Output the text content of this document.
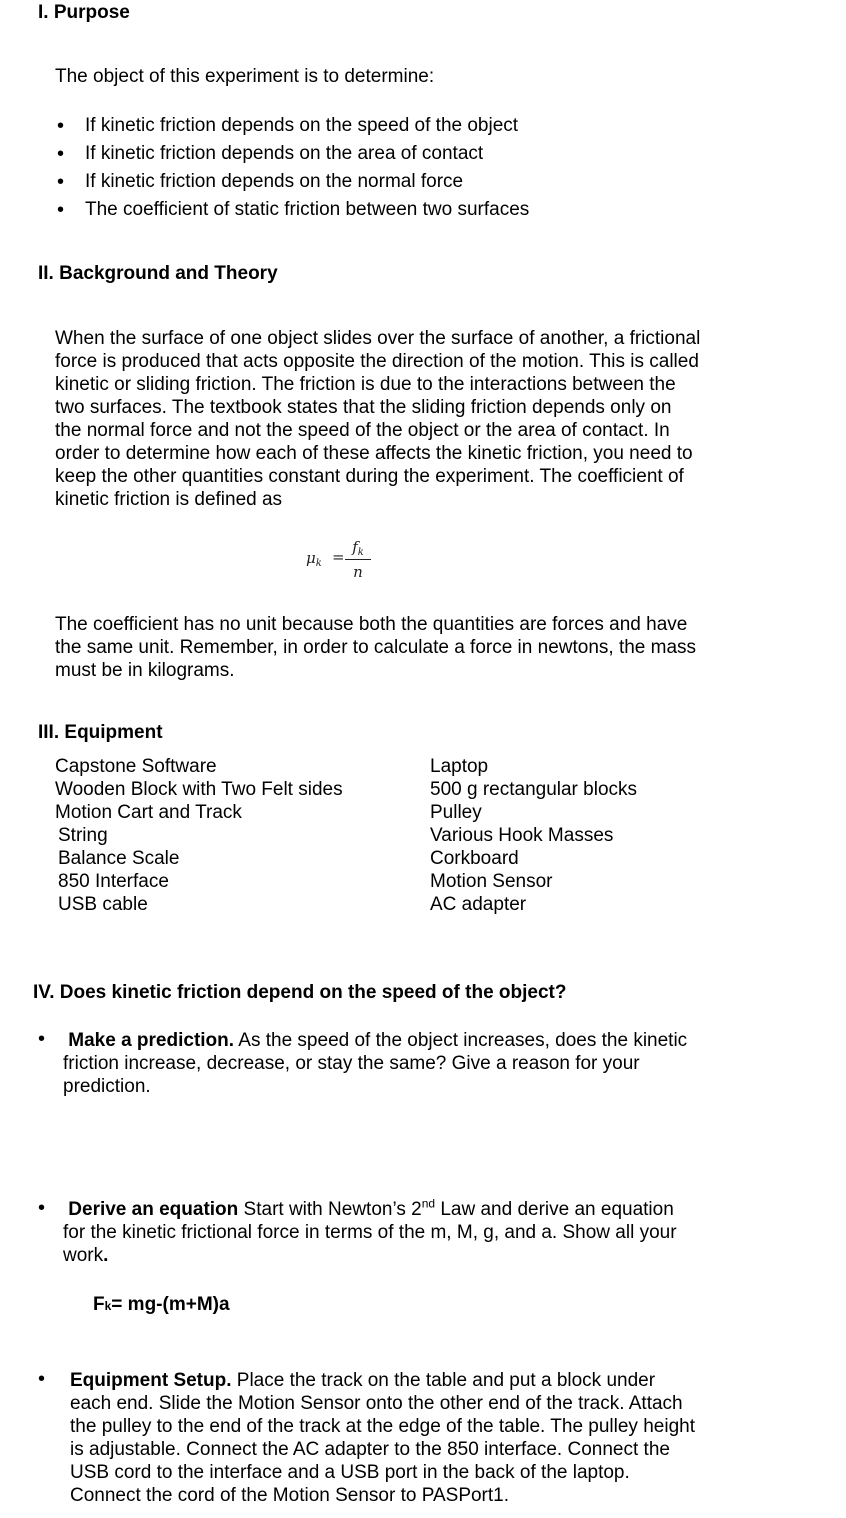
I. Purpose
The object of this experiment is to determine:
• If kinetic friction depends on the speed of the object
• If kinetic friction depends on the area of contact
• If kinetic friction depends on the normal force
• The coefficient of static friction between two surfaces
II. Background and Theory
When the surface of one object slides over the surface of another, a frictional
force is produced that acts opposite the direction of the motion. This is called
kinetic or sliding friction. The friction is due to the interactions between the
two surfaces. The textbook states that the sliding friction depends only on
the normal force and not the speed of the object or the area of contact. In
order to determine how each of these affects the kinetic friction, you need to
keep the other quantities constant during the experiment. The coefficient of
kinetic friction is defined as
$\mu_k$ =
$f_k$
n
The coefficient has no unit because both the quantities are forces and have
the same unit. Remember, in order to calculate a force in newtons, the mass
must be in kilograms.
III. Equipment
Capstone Software
Wooden Block with Two Felt sides
Motion Cart and Track
String
Balance Scale
850 Interface
USB cable
Laptop
500 g rectangular blocks
Pulley
Various Hook Masses
Corkboard
Motion Sensor
AC adapter
IV. Does kinetic friction depend on the speed of the object?
• Make a prediction. As the speed of the object increases, does the kinetic
friction increase, decrease, or stay the same? Give a reason for your
prediction.
• Derive an equation Start with Newton’s 2nd Law and derive an equation
for the kinetic frictional force in terms of the m, M, g, and a. Show all your
work.
Fk= mg-(m+M)a
• Equipment Setup. Place the track on the table and put a block under
each end. Slide the Motion Sensor onto the other end of the track. Attach
the pulley to the end of the track at the edge of the table. The pulley height
is adjustable. Connect the AC adapter to the 850 interface. Connect the
USB cord to the interface and a USB port in the back of the laptop.
Connect the cord of the Motion Sensor to PASPort1.
